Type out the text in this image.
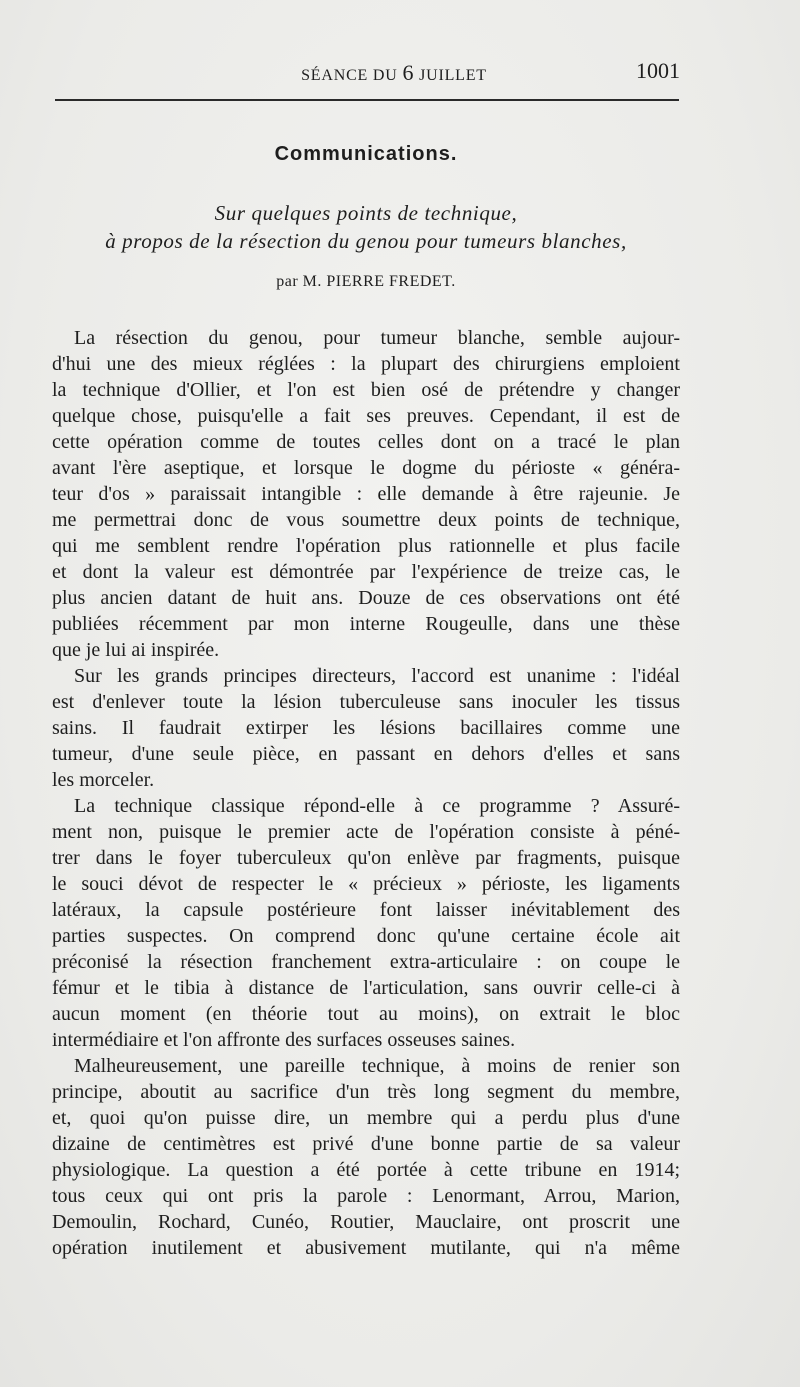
SÉANCE DU 6 JUILLET	1001
Communications.
Sur quelques points de technique,
à propos de la résection du genou pour tumeurs blanches,
par M. PIERRE FREDET.
La résection du genou, pour tumeur blanche, semble aujour-
d'hui une des mieux réglées : la plupart des chirurgiens emploient
la technique d'Ollier, et l'on est bien osé de prétendre y changer
quelque chose, puisqu'elle a fait ses preuves. Cependant, il est de
cette opération comme de toutes celles dont on a tracé le plan
avant l'ère aseptique, et lorsque le dogme du périoste « généra-
teur d'os » paraissait intangible : elle demande à être rajeunie. Je
me permettrai donc de vous soumettre deux points de technique,
qui me semblent rendre l'opération plus rationnelle et plus facile
et dont la valeur est démontrée par l'expérience de treize cas, le
plus ancien datant de huit ans. Douze de ces observations ont été
publiées récemment par mon interne Rougeulle, dans une thèse
que je lui ai inspirée.
Sur les grands principes directeurs, l'accord est unanime : l'idéal
est d'enlever toute la lésion tuberculeuse sans inoculer les tissus
sains. Il faudrait extirper les lésions bacillaires comme une
tumeur, d'une seule pièce, en passant en dehors d'elles et sans
les morceler.
La technique classique répond-elle à ce programme ? Assuré-
ment non, puisque le premier acte de l'opération consiste à péné-
trer dans le foyer tuberculeux qu'on enlève par fragments, puisque
le souci dévot de respecter le « précieux » périoste, les ligaments
latéraux, la capsule postérieure font laisser inévitablement des
parties suspectes. On comprend donc qu'une certaine école ait
préconisé la résection franchement extra-articulaire : on coupe le
fémur et le tibia à distance de l'articulation, sans ouvrir celle-ci à
aucun moment (en théorie tout au moins), on extrait le bloc
intermédiaire et l'on affronte des surfaces osseuses saines.
Malheureusement, une pareille technique, à moins de renier son
principe, aboutit au sacrifice d'un très long segment du membre,
et, quoi qu'on puisse dire, un membre qui a perdu plus d'une
dizaine de centimètres est privé d'une bonne partie de sa valeur
physiologique. La question a été portée à cette tribune en 1914;
tous ceux qui ont pris la parole : Lenormant, Arrou, Marion,
Demoulin, Rochard, Cunéo, Routier, Mauclaire, ont proscrit une
opération inutilement et abusivement mutilante, qui n'a même
